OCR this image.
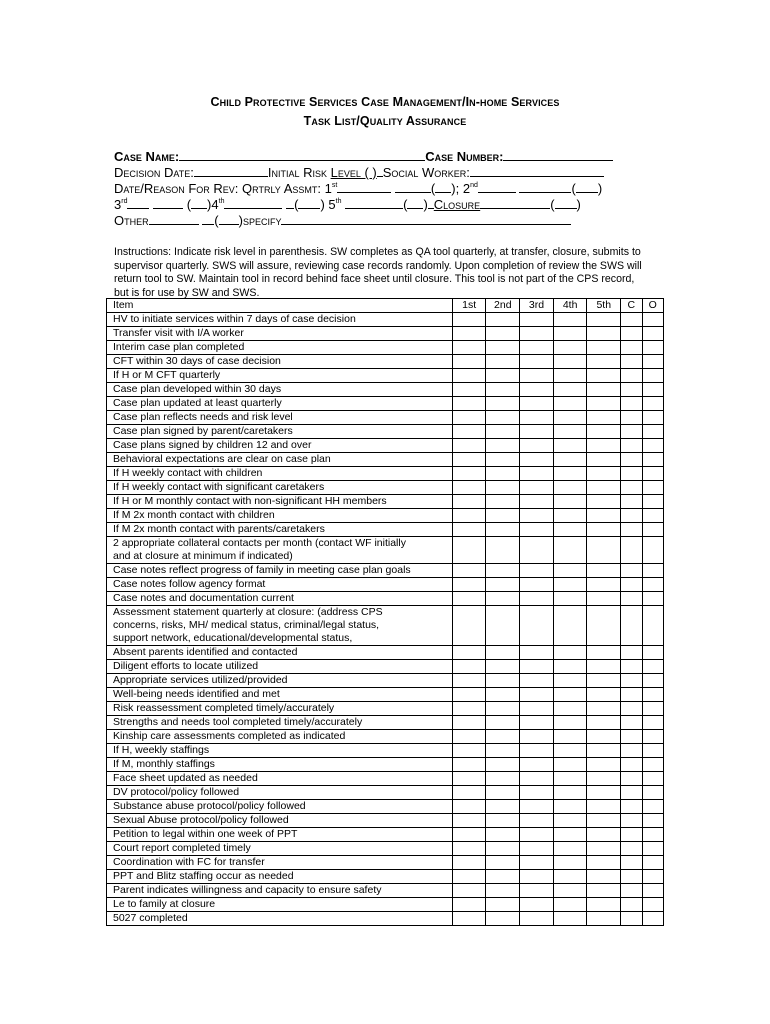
Child Protective Services Case Management/In-home Services
Task List/Quality Assurance
Case Name:	Case Number:
Decision Date:	Initial Risk Level ( ) Social Worker:
Date/Reason For Rev: Qrtrly Assmt: 1st	( ); 2nd	( )
3rd	( )4th	( ) 5th	( ) Closure	( )
Other	( )specify
Instructions: Indicate risk level in parenthesis. SW completes as QA tool quarterly, at transfer, closure, submits to supervisor quarterly. SWS will assure, reviewing case records randomly. Upon completion of review the SWS will return tool to SW. Maintain tool in record behind face sheet until closure. This tool is not part of the CPS record, but is for use by SW and SWS.
Item	1st	2nd	3rd	4th	5th	C	O

HV to initiate services within 7 days of case decision							

Transfer visit with I/A worker							

Interim case plan completed							

CFT within 30 days of case decision							

If H or M CFT quarterly							

Case plan developed within 30 days							

Case plan updated at least quarterly							

Case plan reflects needs and risk level							

Case plan signed by parent/caretakers							

Case plans signed by children 12 and over							

Behavioral expectations are clear on case plan							

If H weekly contact with children							

If H weekly contact with significant caretakers							

If H or M monthly contact with non-significant HH members							

If M 2x month contact with children							

If M 2x month contact with parents/caretakers							

2 appropriate collateral contacts per month (contact WF initially
and at closure at minimum if indicated)							

Case notes reflect progress of family in meeting case plan goals							

Case notes follow agency format							

Case notes and documentation current							

Assessment statement quarterly at closure: (address CPS
concerns, risks, MH/ medical status, criminal/legal status,
support network, educational/developmental status,							

Absent parents identified and contacted							

Diligent efforts to locate utilized							

Appropriate services utilized/provided							

Well-being needs identified and met							

Risk reassessment completed timely/accurately							

Strengths and needs tool completed timely/accurately							

Kinship care assessments completed as indicated							

If H, weekly staffings							

If M, monthly staffings							

Face sheet updated as needed							

DV protocol/policy followed							

Substance abuse protocol/policy followed							

Sexual Abuse protocol/policy followed							

Petition to legal within one week of PPT							

Court report completed timely							

Coordination with FC for transfer							

PPT and Blitz staffing occur as needed							

Parent indicates willingness and capacity to ensure safety							

Le to family at closure							

5027 completed							
